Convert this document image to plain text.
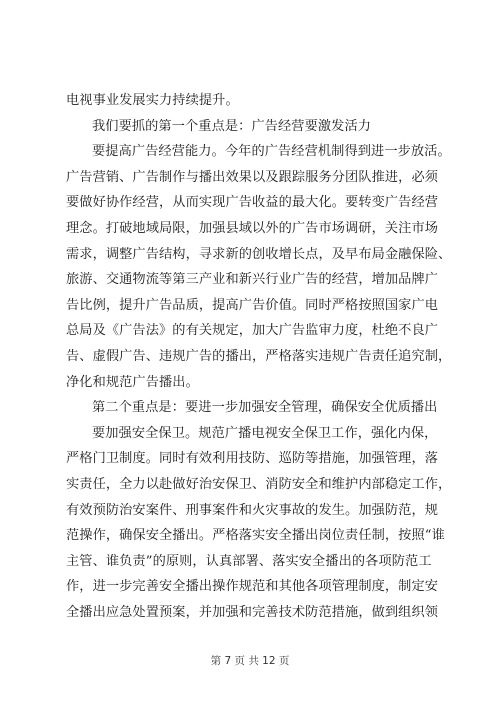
电视事业发展实力持续提升。
我们要抓的第一个重点是：广告经营要激发活力
要提高广告经营能力。今年的广告经营机制得到进一步放活。
广告营销、广告制作与播出效果以及跟踪服务分团队推进，必须
要做好协作经营，从而实现广告收益的最大化。要转变广告经营
理念。打破地域局限，加强县域以外的广告市场调研，关注市场
需求，调整广告结构，寻求新的创收增长点，及早布局金融保险、
旅游、交通物流等第三产业和新兴行业广告的经营，增加品牌广
告比例，提升广告品质，提高广告价值。同时严格按照国家广电
总局及《广告法》的有关规定，加大广告监审力度，杜绝不良广
告、虚假广告、违规广告的播出，严格落实违规广告责任追究制，
净化和规范广告播出。
第二个重点是：要进一步加强安全管理，确保安全优质播出
要加强安全保卫。规范广播电视安全保卫工作，强化内保，
严格门卫制度。同时有效利用技防、巡防等措施，加强管理，落
实责任，全力以赴做好治安保卫、消防安全和维护内部稳定工作，
有效预防治安案件、刑事案件和火灾事故的发生。加强防范，规
范操作，确保安全播出。严格落实安全播出岗位责任制，按照“谁
主管、谁负责”的原则，认真部署、落实安全播出的各项防范工
作，进一步完善安全播出操作规范和其他各项管理制度，制定安
全播出应急处置预案，并加强和完善技术防范措施，做到组织领
第 7 页 共 12 页
